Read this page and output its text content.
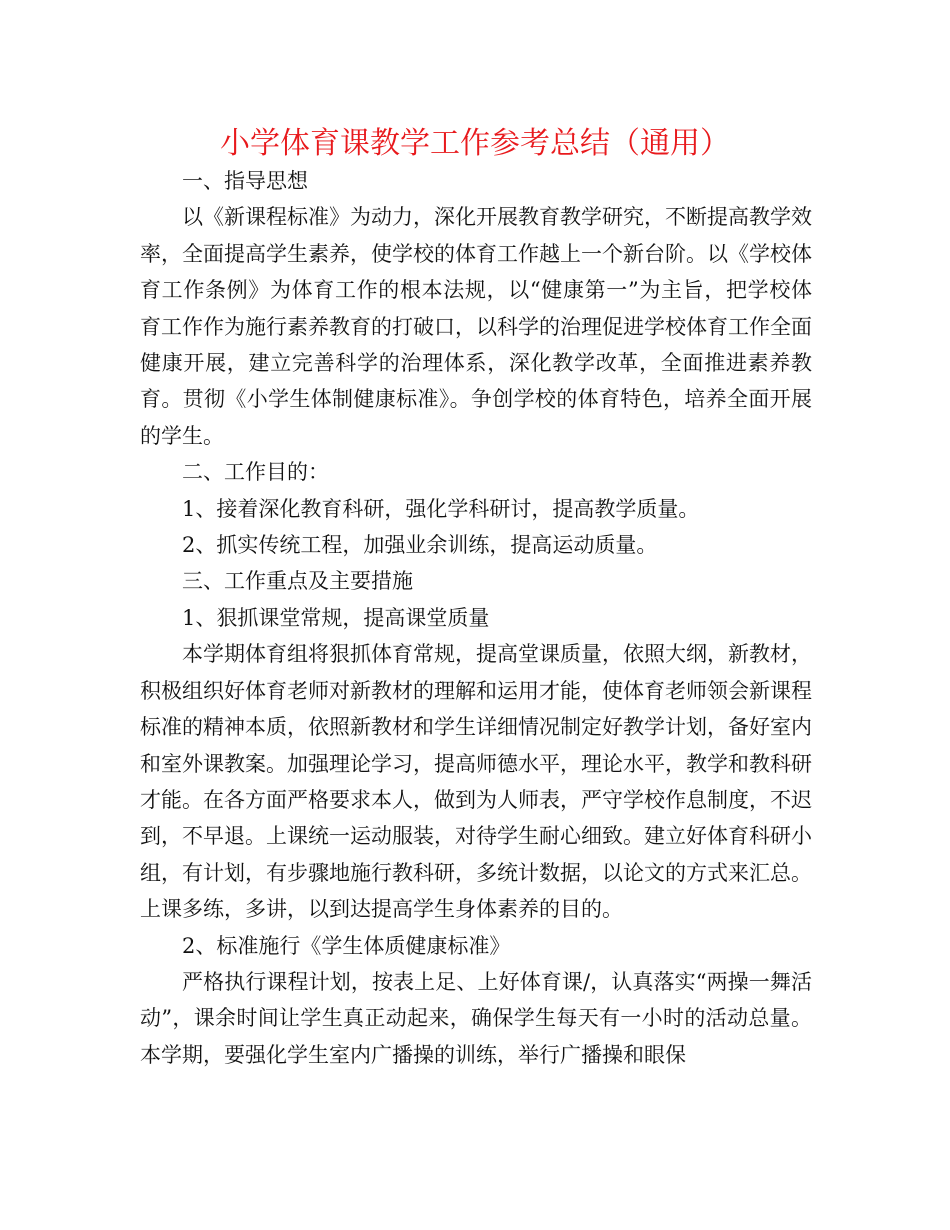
小学体育课教学工作参考总结（通用）

一、指导思想

以《新课程标准》为动力，深化开展教育教学研究，不断提高教学效率，全面提高学生素养，使学校的体育工作越上一个新台阶。以《学校体育工作条例》为体育工作的根本法规，以“健康第一”为主旨，把学校体育工作作为施行素养教育的打破口，以科学的治理促进学校体育工作全面健康开展，建立完善科学的治理体系，深化教学改革，全面推进素养教育。贯彻《小学生体制健康标准》。争创学校的体育特色，培养全面开展的学生。

二、工作目的：

1、接着深化教育科研，强化学科研讨，提高教学质量。

2、抓实传统工程，加强业余训练，提高运动质量。

三、工作重点及主要措施

1、狠抓课堂常规，提高课堂质量

本学期体育组将狠抓体育常规，提高堂课质量，依照大纲，新教材，积极组织好体育老师对新教材的理解和运用才能，使体育老师领会新课程标准的精神本质，依照新教材和学生详细情况制定好教学计划，备好室内和室外课教案。加强理论学习，提高师德水平，理论水平，教学和教科研才能。在各方面严格要求本人，做到为人师表，严守学校作息制度，不迟到，不早退。上课统一运动服装，对待学生耐心细致。建立好体育科研小组，有计划，有步骤地施行教科研，多统计数据，以论文的方式来汇总。上课多练，多讲，以到达提高学生身体素养的目的。

2、标准施行《学生体质健康标准》

严格执行课程计划，按表上足、上好体育课/，认真落实“两操一舞活动”，课余时间让学生真正动起来，确保学生每天有一小时的活动总量。本学期，要强化学生室内广播操的训练，举行广播操和眼保
